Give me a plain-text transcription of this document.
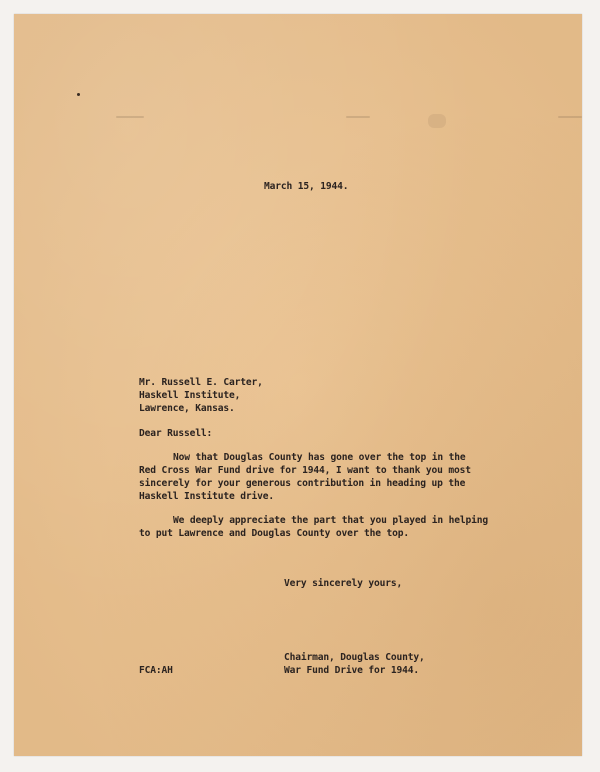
March 15, 1944.
Mr. Russell E. Carter,
Haskell Institute,
Lawrence, Kansas.
Dear Russell:
Now that Douglas County has gone over the top in the
Red Cross War Fund drive for 1944, I want to thank you most
sincerely for your generous contribution in heading up the
Haskell Institute drive.
We deeply appreciate the part that you played in helping
to put Lawrence and Douglas County over the top.
Very sincerely yours,
Chairman, Douglas County,
War Fund Drive for 1944.
FCA:AH
